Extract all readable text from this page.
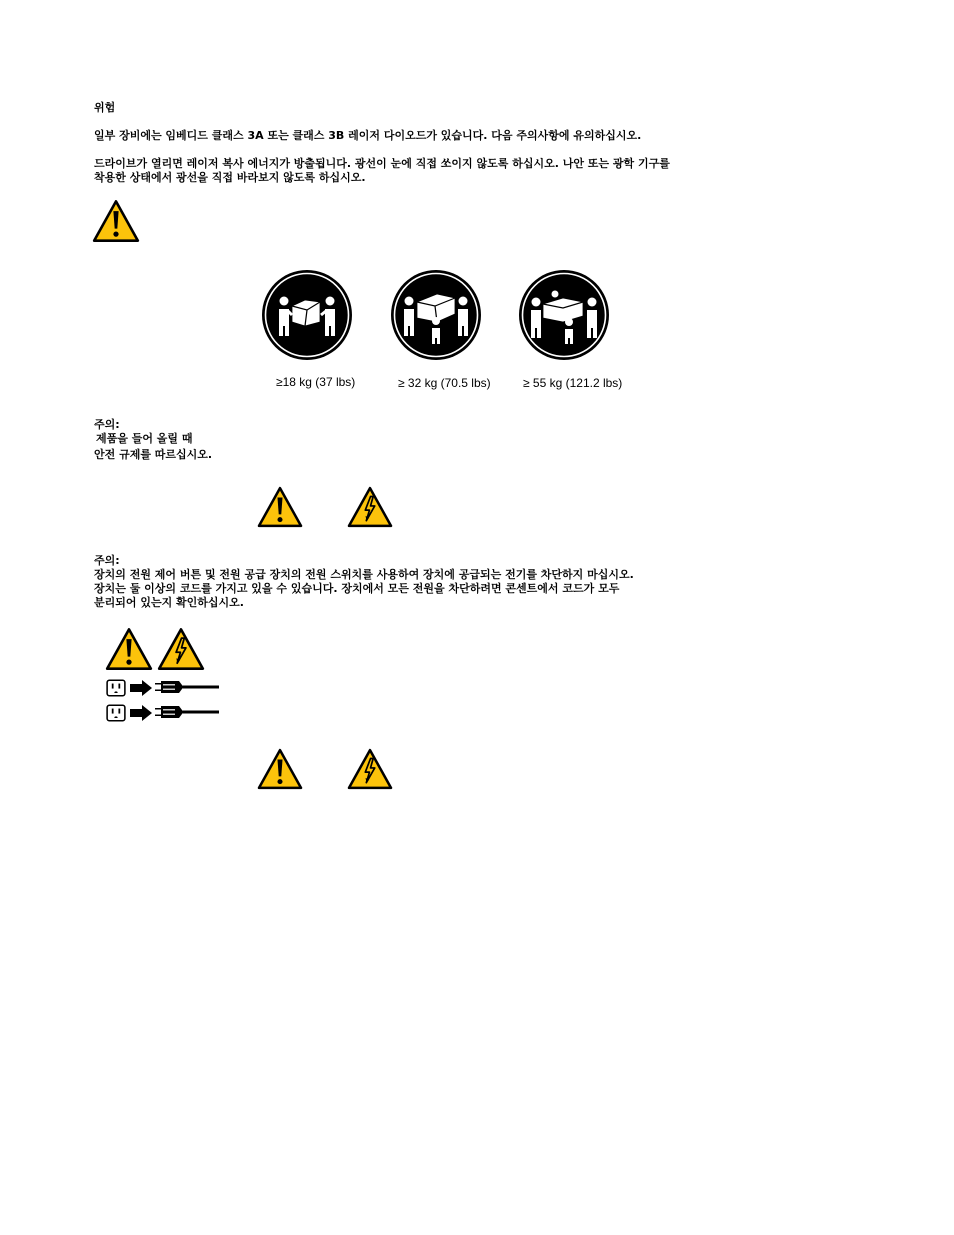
위험
일부 장비에는 임베디드 클래스 3A 또는 클래스 3B 레이저 다이오드가 있습니다. 다음 주의사항에 유의하십시오.
드라이브가 열리면 레이저 복사 에너지가 방출됩니다. 광선이 눈에 직접 쏘이지 않도록 하십시오. 나안 또는 광학 기구를
착용한 상태에서 광선을 직접 바라보지 않도록 하십시오.
≥18 kg (37 lbs)	≥ 32 kg (70.5 lbs)	≥ 55 kg (121.2 lbs)
주의:
제품을 들어 올릴 때
안전 규제를 따르십시오.
주의:
장치의 전원 제어 버튼 및 전원 공급 장치의 전원 스위치를 사용하여 장치에 공급되는 전기를 차단하지 마십시오.
장치는 둘 이상의 코드를 가지고 있을 수 있습니다. 장치에서 모든 전원을 차단하려면 콘센트에서 코드가 모두
분리되어 있는지 확인하십시오.
